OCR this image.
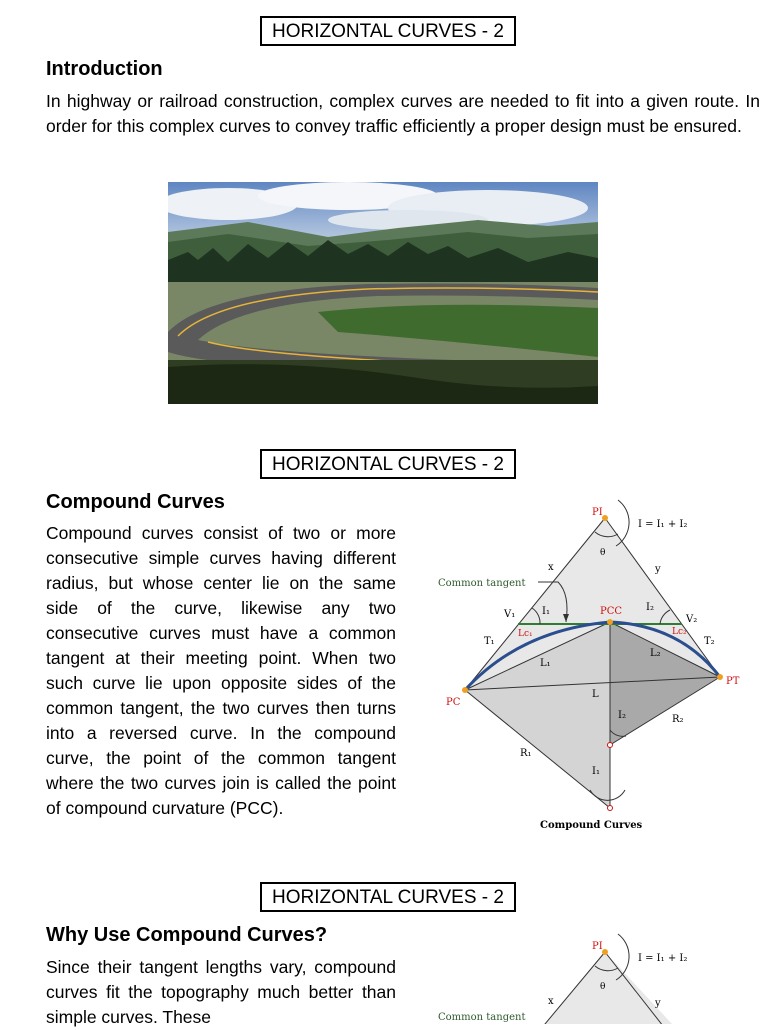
HORIZONTAL CURVES - 2
Introduction
In highway or railroad construction, complex curves are needed to fit into a given route. In order for this complex curves to convey traffic efficiently a proper design must be ensured.
HORIZONTAL CURVES - 2
Compound Curves
Compound curves consist of two or more consecutive simple curves having different radius, but whose center lie on the same side of the curve, likewise any two consecutive curves must have a common tangent at their meeting point. When two such curve lie upon opposite sides of the common tangent, the two curves then turns into a reversed curve. In the compound curve, the point of the common tangent where the two curves join is called the point of compound curvature (PCC).
PI
I = I₁ + I₂
θ
x	y
Common tangent
V₁	I₁	PCC I₂
V₂
Lc₁	Lc₂
T₁	T₂
L₁
L₂
L
PC
PT
I₂	R₂
R₁
I₁
Compound Curves
HORIZONTAL CURVES - 2
Why Use Compound Curves?
Since their tangent lengths vary, compound curves fit the topography much better than simple curves. These
PI
I = I₁ + I₂
θ
x	y
Common tangent
